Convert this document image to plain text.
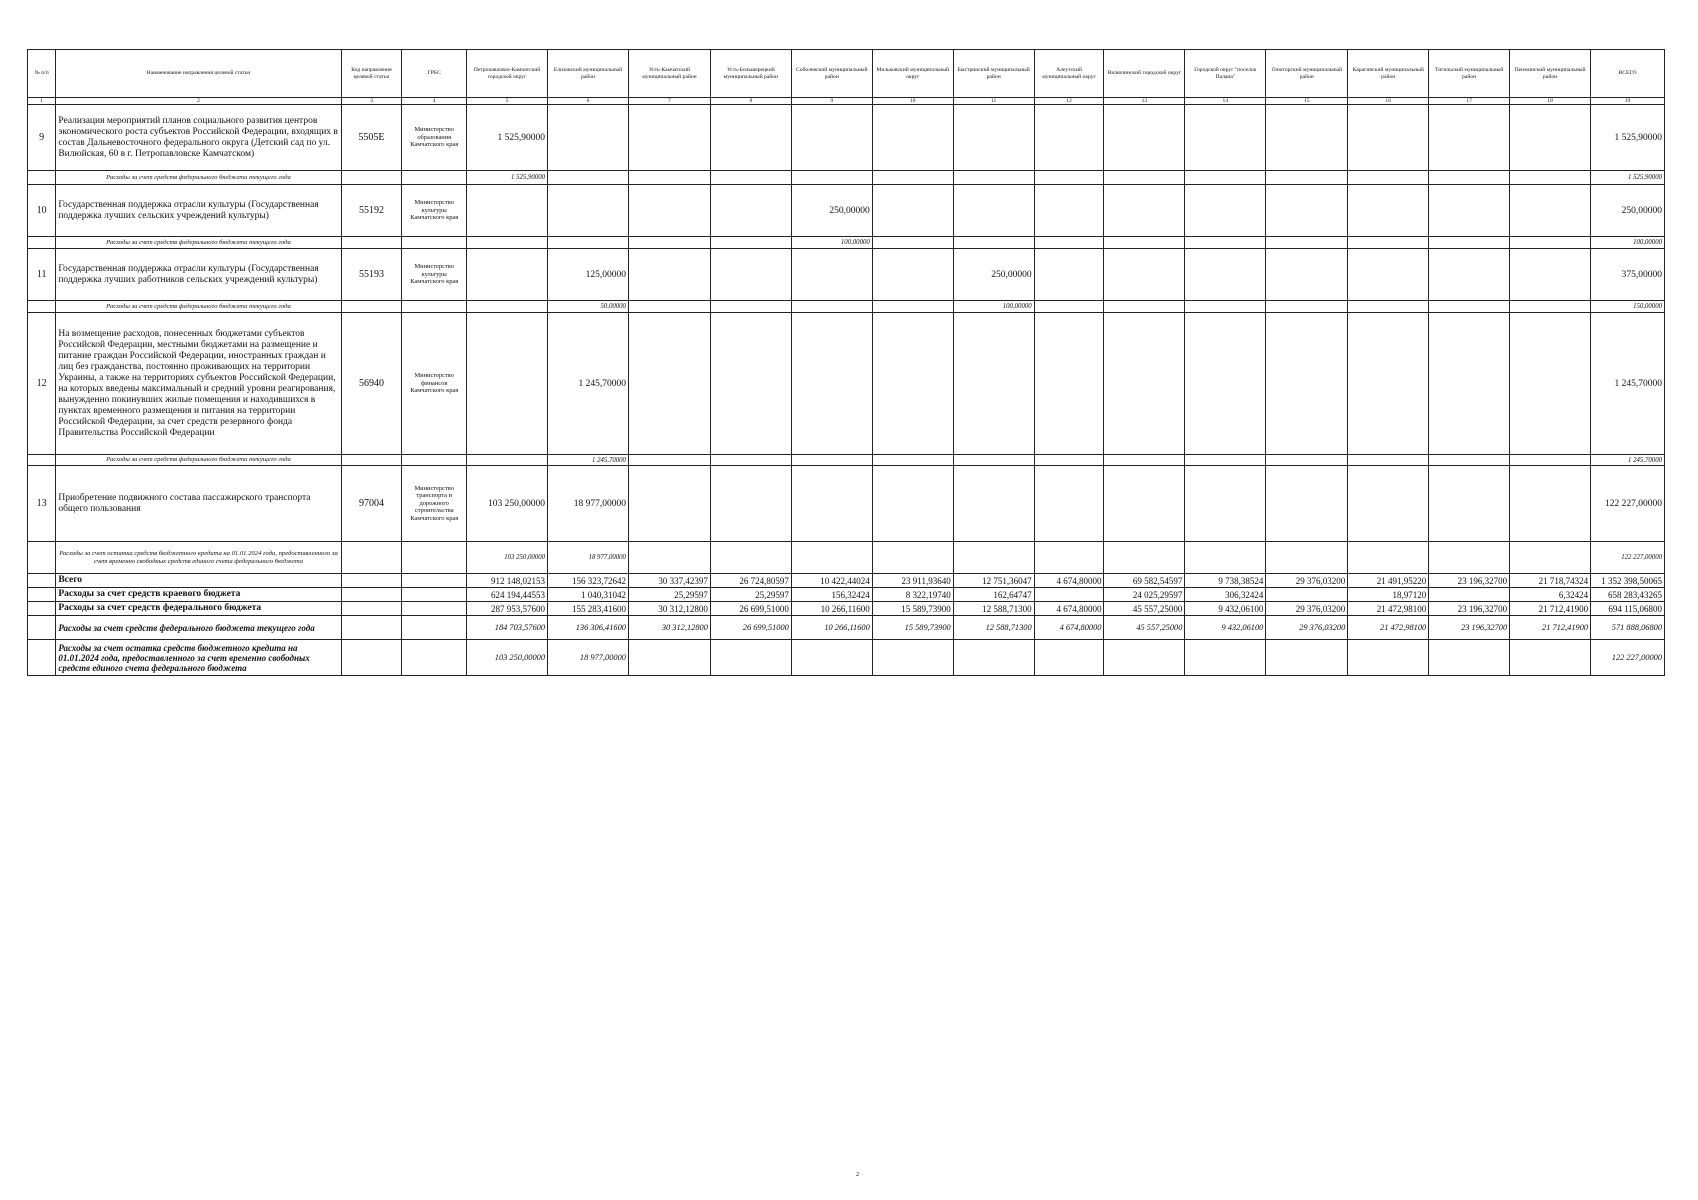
№ п/п	Наименование направления целевой статьи	Код направления целевой статьи	ГРБС	Петропавловск-Камчатский городской округ	Елизовский муниципальный район	Усть-Камчатский муниципальный район	Усть-Большерецкий муниципальный район	Соболевский муниципальный район	Мильковский муниципальный округ	Быстринский муниципальный район	Алеутский муниципальный округ	Вилючинский городской округ	Городской округ "поселок Палана"	Олюторский муниципальный район	Карагинский муниципальный район	Тигильский муниципальный район	Пенжинский муниципальный район	ВСЕГО
1	2	3	4	5	6	7	8	9	10	11	12	13	14	15	16	17	18	19
9	Реализация мероприятий планов социального развития центров экономического роста субъектов Российской Федерации, входящих в состав Дальневосточного федерального округа (Детский сад по ул. Вилюйская, 60 в г. Петропавловске Камчатском)	5505Е	Министерство образования Камчатского края	1 525,90000														1 525,90000
	Расходы за счет средств федерального бюджета текущего года			1 525,90000														1 525,90000
10	Государственная поддержка отрасли культуры (Государственная поддержка лучших сельских учреждений культуры)	55192	Министерство культуры Камчатского края					250,00000										250,00000
	Расходы за счет средств федерального бюджета текущего года							100,00000										100,00000
11	Государственная поддержка отрасли культуры (Государственная поддержка лучших работников сельских учреждений культуры)	55193	Министерство культуры Камчатского края		125,00000					250,00000								375,00000
	Расходы за счет средств федерального бюджета текущего года				50,00000					100,00000								150,00000
12	На возмещение расходов, понесенных бюджетами субъектов Российской Федерации, местными бюджетами на размещение и питание граждан Российской Федерации, иностранных граждан и лиц без гражданства, постоянно проживающих на территории Украины, а также на территориях субъектов Российской Федерации, на которых введены максимальный и средний уровни реагирования, вынужденно покинувших жилые помещения и находившихся в пунктах временного размещения и питания на территории Российской Федерации, за счет средств резервного фонда Правительства Российской Федерации	56940	Министерство финансов Камчатского края		1 245,70000													1 245,70000
	Расходы за счет средств федерального бюджета текущего года				1 245,70000													1 245,70000
13	Приобретение подвижного состава пассажирского транспорта общего пользования	97004	Министерство транспорта и дорожного строительства Камчатского края	103 250,00000	18 977,00000													122 227,00000
	Расходы за счет остатка средств бюджетного кредита на 01.01.2024 года, предоставленного за счет временно свободных средств единого счета федерального бюджета			103 250,00000	18 977,00000													122 227,00000
	Всего			912 148,02153	156 323,72642	30 337,42397	26 724,80597	10 422,44024	23 911,93640	12 751,36047	4 674,80000	69 582,54597	9 738,38524	29 376,03200	21 491,95220	23 196,32700	21 718,74324	1 352 398,50065
	Расходы за счет средств краевого бюджета			624 194,44553	1 040,31042	25,29597	25,29597	156,32424	8 322,19740	162,64747		24 025,29597	306,32424		18,97120		6,32424	658 283,43265
	Расходы за счет средств федерального бюджета			287 953,57600	155 283,41600	30 312,12800	26 699,51000	10 266,11600	15 589,73900	12 588,71300	4 674,80000	45 557,25000	9 432,06100	29 376,03200	21 472,98100	23 196,32700	21 712,41900	694 115,06800
	Расходы за счет средств федерального бюджета текущего года			184 703,57600	136 306,41600	30 312,12800	26 699,51000	10 266,11600	15 589,73900	12 588,71300	4 674,80000	45 557,25000	9 432,06100	29 376,03200	21 472,98100	23 196,32700	21 712,41900	571 888,06800
	Расходы за счет остатка средств бюджетного кредита на 01.01.2024 года, предоставленного за счет временно свободных средств единого счета федерального бюджета			103 250,00000	18 977,00000													122 227,00000
2
